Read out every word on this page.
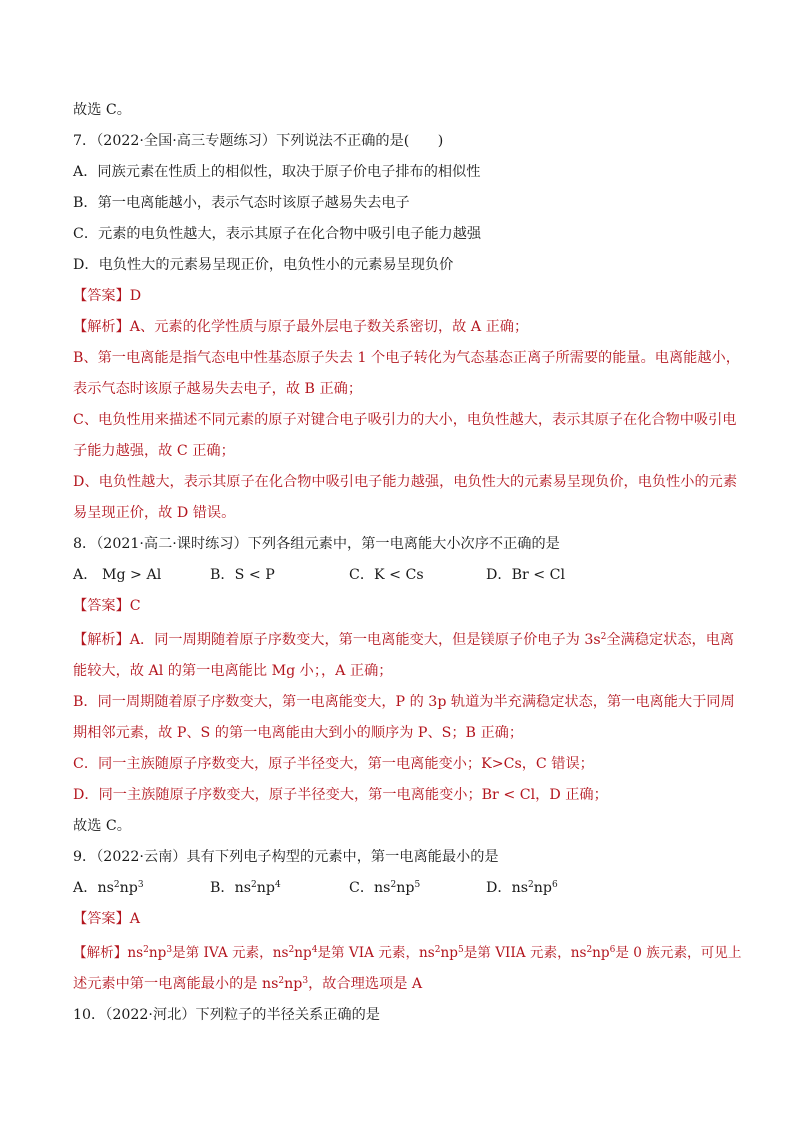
故选 C。
7．（2022·全国·高三专题练习）下列说法不正确的是(　　)
A．同族元素在性质上的相似性，取决于原子价电子排布的相似性
B．第一电离能越小，表示气态时该原子越易失去电子
C．元素的电负性越大，表示其原子在化合物中吸引电子能力越强
D．电负性大的元素易呈现正价，电负性小的元素易呈现负价
【答案】D
【解析】A、元素的化学性质与原子最外层电子数关系密切，故 A 正确；
B、第一电离能是指气态电中性基态原子失去 1 个电子转化为气态基态正离子所需要的能量。电离能越小，
表示气态时该原子越易失去电子，故 B 正确；
C、电负性用来描述不同元素的原子对键合电子吸引力的大小，电负性越大，表示其原子在化合物中吸引电
子能力越强，故 C 正确；
D、电负性越大，表示其原子在化合物中吸引电子能力越强，电负性大的元素易呈现负价，电负性小的元素
易呈现正价，故 D 错误。
8．（2021·高二·课时练习）下列各组元素中，第一电离能大小次序不正确的是
A． Mg > Al	B．S < P	C．K < Cs	D．Br < Cl
【答案】C
【解析】A．同一周期随着原子序数变大，第一电离能变大，但是镁原子价电子为 $3s^2$全满稳定状态，电离
能较大，故 Al 的第一电离能比 Mg 小；，A 正确；
B．同一周期随着原子序数变大，第一电离能变大，P 的 3p 轨道为半充满稳定状态，第一电离能大于同周
期相邻元素，故 P、S 的第一电离能由大到小的顺序为 P、S；B 正确；
C．同一主族随原子序数变大，原子半径变大，第一电离能变小；K>Cs，C 错误；
D．同一主族随原子序数变大，原子半径变大，第一电离能变小；Br < Cl，D 正确；
故选 C。
9．（2022·云南）具有下列电子构型的元素中，第一电离能最小的是
A．$ns^2np^3$	B．$ns^2np^4$	C．$ns^2np^5$	D．$ns^2np^6$
【答案】A
【解析】$ns^2np^3$是第 IVA 元素，$ns^2np^4$是第 VIA 元素，$ns^2np^5$是第 VIIA 元素，$ns^2np^6$是 0 族元素，可见上
述元素中第一电离能最小的是 $ns^2np^3$，故合理选项是 A
10．（2022·河北）下列粒子的半径关系正确的是
